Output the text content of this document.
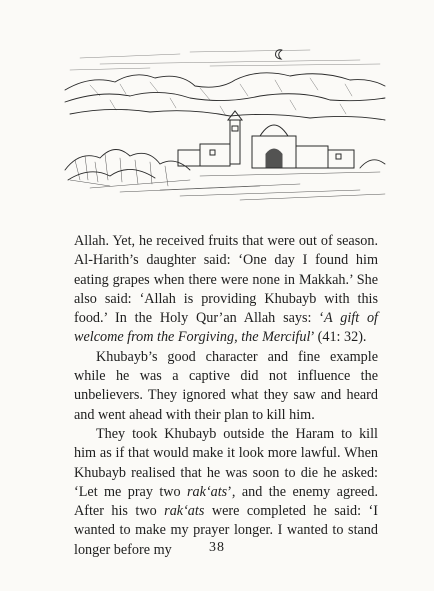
Allah. Yet, he received fruits that were out of season. Al-Harith’s daughter said: ‘One day I found him eating grapes when there were none in Makkah.’ She also said: ‘Allah is providing Khubayb with this food.’ In the Holy Qur’an Allah says: ‘A gift of welcome from the Forgiving, the Merciful’ (41: 32).

Khubayb’s good character and fine example while he was a captive did not influence the unbelievers. They ignored what they saw and heard and went ahead with their plan to kill him.

They took Khubayb outside the Haram to kill him as if that would make it look more lawful. When Khubayb realised that he was soon to die he asked: ‘Let me pray two rak‘ats’, and the enemy agreed. After his two rak‘ats were completed he said: ‘I wanted to make my prayer longer. I wanted to stand longer before my	38
